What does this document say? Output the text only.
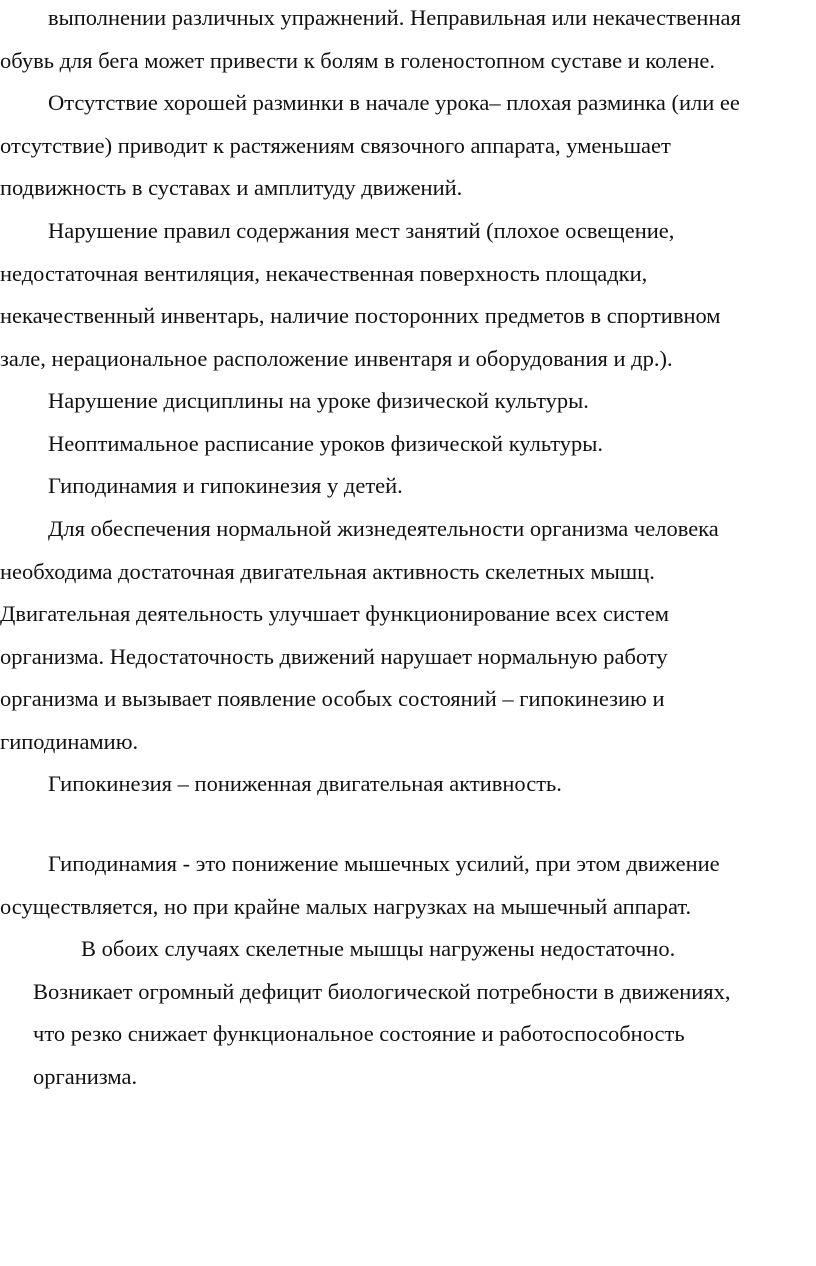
выполнении различных упражнений. Неправильная или некачественная
обувь для бега может привести к болям в голеностопном суставе и колене.
Отсутствие хорошей разминки в начале урока– плохая разминка (или ее
отсутствие) приводит к растяжениям связочного аппарата, уменьшает
подвижность в суставах и амплитуду движений.
Нарушение правил содержания мест занятий (плохое освещение,
недостаточная вентиляция, некачественная поверхность площадки,
некачественный инвентарь, наличие посторонних предметов в спортивном
зале, нерациональное расположение инвентаря и оборудования и др.).
Нарушение дисциплины на уроке физической культуры.
Неоптимальное расписание уроков физической культуры.
Гиподинамия и гипокинезия у детей.
Для обеспечения нормальной жизнедеятельности организма человека
необходима достаточная двигательная активность скелетных мышц.
Двигательная деятельность улучшает функционирование всех систем
организма. Недостаточность движений нарушает нормальную работу
организма и вызывает появление особых состояний – гипокинезию и
гиподинамию.
Гипокинезия – пониженная двигательная активность.
Гиподинамия - это понижение мышечных усилий, при этом движение
осуществляется, но при крайне малых нагрузках на мышечный аппарат.
В обоих случаях скелетные мышцы нагружены недостаточно.
Возникает огромный дефицит биологической потребности в движениях,
что резко снижает функциональное состояние и работоспособность
организма.
